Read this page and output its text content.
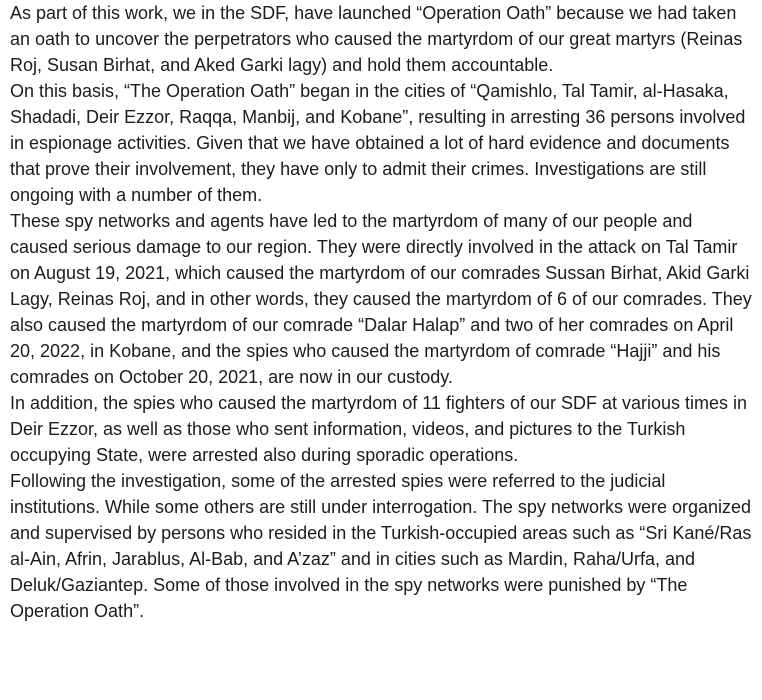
As part of this work, we in the SDF, have launched “Operation Oath” because we had taken an oath to uncover the perpetrators who caused the martyrdom of our great martyrs (Reinas Roj, Susan Birhat, and Aked Garki lagy) and hold them accountable.

On this basis, “The Operation Oath” began in the cities of “Qamishlo, Tal Tamir, al-Hasaka, Shadadi, Deir Ezzor, Raqqa, Manbij, and Kobane”, resulting in arresting 36 persons involved in espionage activities. Given that we have obtained a lot of hard evidence and documents that prove their involvement, they have only to admit their crimes. Investigations are still ongoing with a number of them.

These spy networks and agents have led to the martyrdom of many of our people and caused serious damage to our region. They were directly involved in the attack on Tal Tamir on August 19, 2021, which caused the martyrdom of our comrades Sussan Birhat, Akid Garki Lagy, Reinas Roj, and in other words, they caused the martyrdom of 6 of our comrades. They also caused the martyrdom of our comrade “Dalar Halap” and two of her comrades on April 20, 2022, in Kobane, and the spies who caused the martyrdom of comrade “Hajji” and his comrades on October 20, 2021, are now in our custody.

In addition, the spies who caused the martyrdom of 11 fighters of our SDF at various times in Deir Ezzor, as well as those who sent information, videos, and pictures to the Turkish occupying State, were arrested also during sporadic operations.

Following the investigation, some of the arrested spies were referred to the judicial institutions. While some others are still under interrogation. The spy networks were organized and supervised by persons who resided in the Turkish-occupied areas such as “Sri Kané/Ras al-Ain, Afrin, Jarablus, Al-Bab, and A’zaz” and in cities such as Mardin, Raha/Urfa, and Deluk/Gaziantep. Some of those involved in the spy networks were punished by “The Operation Oath”.
